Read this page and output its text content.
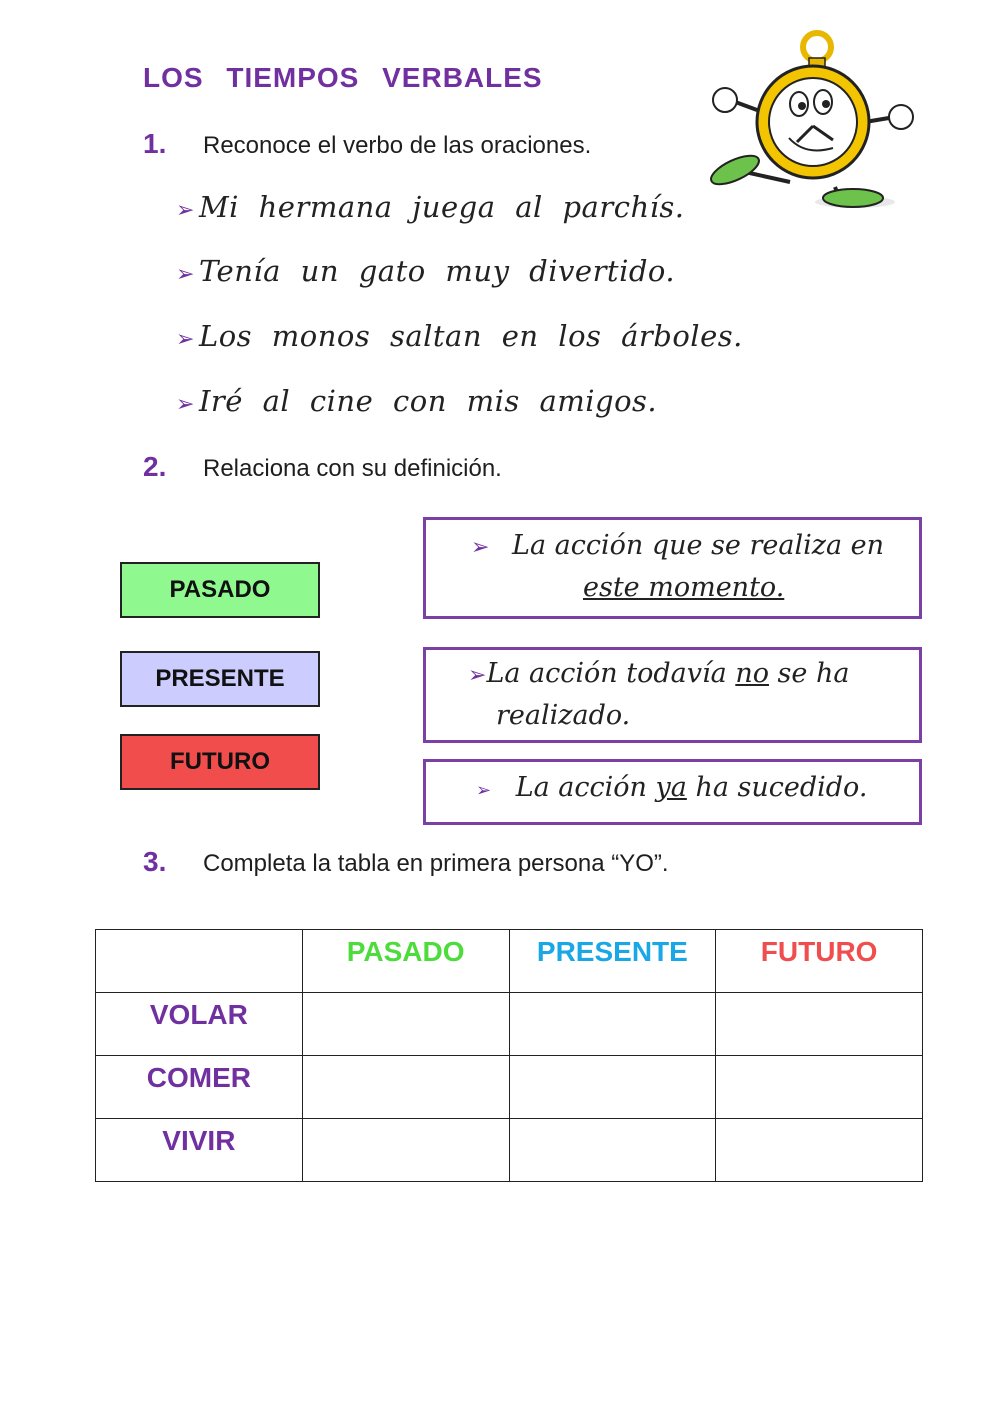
LOS TIEMPOS VERBALES
1. Reconoce el verbo de las oraciones.
➢ Mi hermana juega al parchís.
➢ Tenía un gato muy divertido.
➢ Los monos saltan en los árboles.
➢ Iré al cine con mis amigos.
2. Relaciona con su definición.
PASADO
PRESENTE
FUTURO
➢ La acción que se realiza en
este momento.
➢La acción todavía no se ha
realizado.
➢ La acción ya ha sucedido.
3. Completa la tabla en primera persona “YO”.
	PASADO	PRESENTE	FUTURO
VOLAR			
COMER			
VIVIR			
